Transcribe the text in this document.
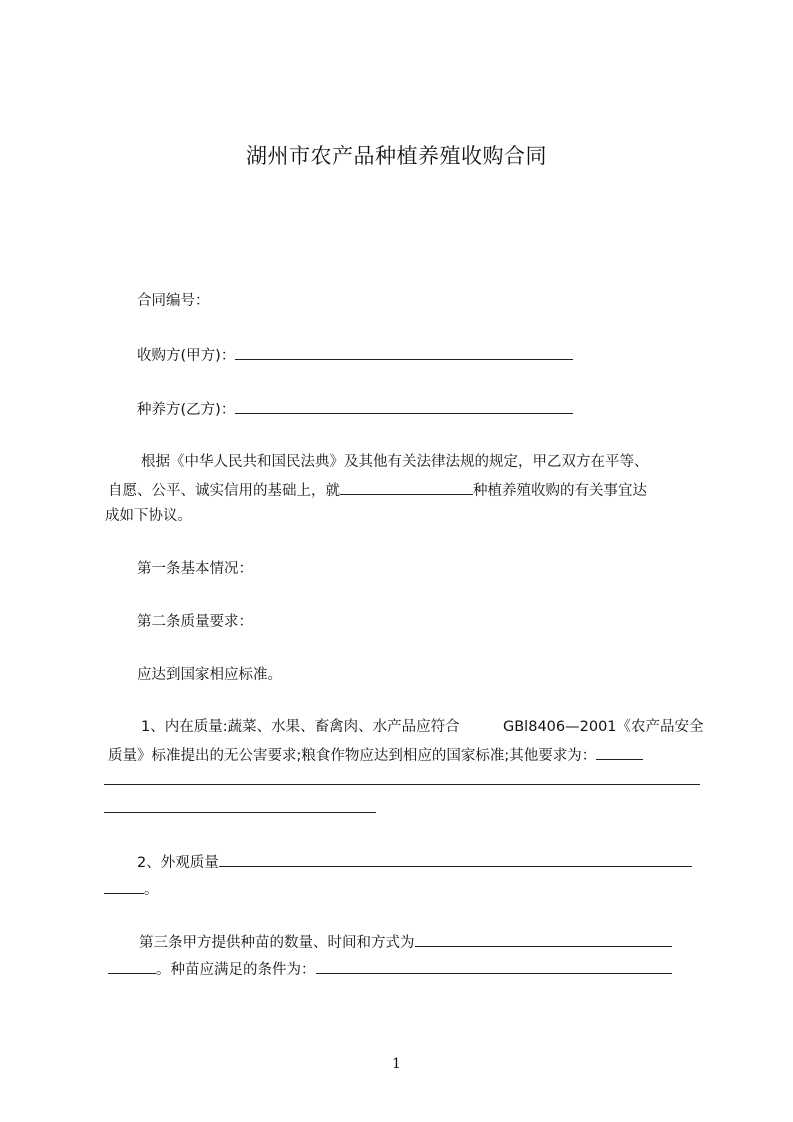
湖州市农产品种植养殖收购合同
合同编号：
收购方(甲方)：
种养方(乙方)：
根据《中华人民共和国民法典》及其他有关法律法规的规定，甲乙双方在平等、
自愿、公平、诚实信用的基础上，就	种植养殖收购的有关事宜达
成如下协议。
第一条基本情况：
第二条质量要求：
应达到国家相应标准。
1、内在质量:蔬菜、水果、畜禽肉、水产品应符合	GBl8406—2001《农产品安全
质量》标准提出的无公害要求;粮食作物应达到相应的国家标准;其他要求为：
2、外观质量
。
第三条甲方提供种苗的数量、时间和方式为
。种苗应满足的条件为：
1
